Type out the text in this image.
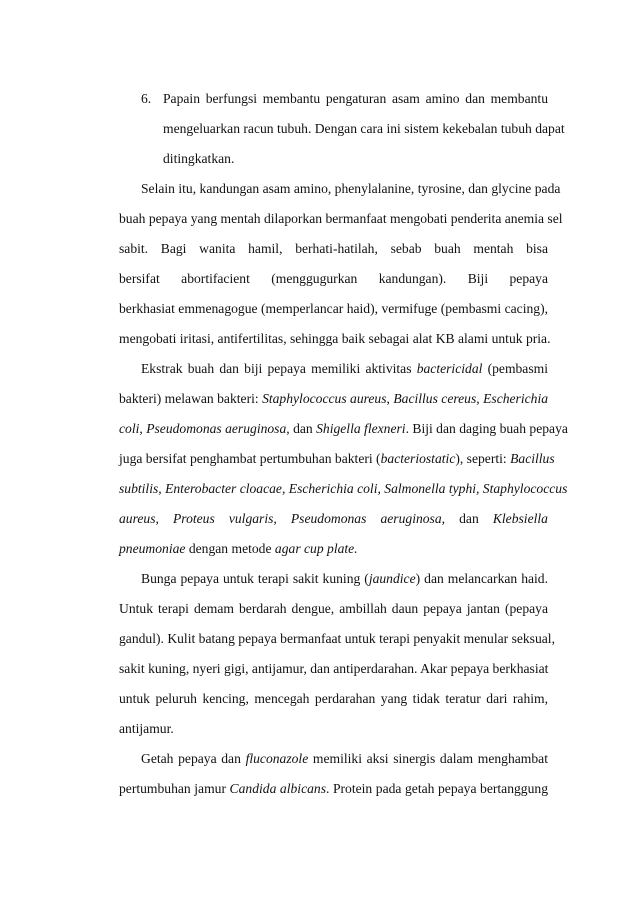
6. Papain berfungsi membantu pengaturan asam amino dan membantu
mengeluarkan racun tubuh. Dengan cara ini sistem kekebalan tubuh dapat
ditingkatkan.
Selain itu, kandungan asam amino, phenylalanine, tyrosine, dan glycine pada
buah pepaya yang mentah dilaporkan bermanfaat mengobati penderita anemia sel
sabit. Bagi wanita hamil, berhati-hatilah, sebab buah mentah bisa
bersifat abortifacient (menggugurkan kandungan). Biji pepaya
berkhasiat emmenagogue (memperlancar haid), vermifuge (pembasmi cacing),
mengobati iritasi, antifertilitas, sehingga baik sebagai alat KB alami untuk pria.
Ekstrak buah dan biji pepaya memiliki aktivitas bactericidal (pembasmi
bakteri) melawan bakteri: Staphylococcus aureus, Bacillus cereus, Escherichia
coli, Pseudomonas aeruginosa, dan Shigella flexneri. Biji dan daging buah pepaya
juga bersifat penghambat pertumbuhan bakteri (bacteriostatic), seperti: Bacillus
subtilis, Enterobacter cloacae, Escherichia coli, Salmonella typhi, Staphylococcus
aureus, Proteus vulgaris, Pseudomonas aeruginosa, dan Klebsiella
pneumoniae dengan metode agar cup plate.
Bunga pepaya untuk terapi sakit kuning (jaundice) dan melancarkan haid.
Untuk terapi demam berdarah dengue, ambillah daun pepaya jantan (pepaya
gandul). Kulit batang pepaya bermanfaat untuk terapi penyakit menular seksual,
sakit kuning, nyeri gigi, antijamur, dan antiperdarahan. Akar pepaya berkhasiat
untuk peluruh kencing, mencegah perdarahan yang tidak teratur dari rahim,
antijamur.
Getah pepaya dan fluconazole memiliki aksi sinergis dalam menghambat
pertumbuhan jamur Candida albicans. Protein pada getah pepaya bertanggung
